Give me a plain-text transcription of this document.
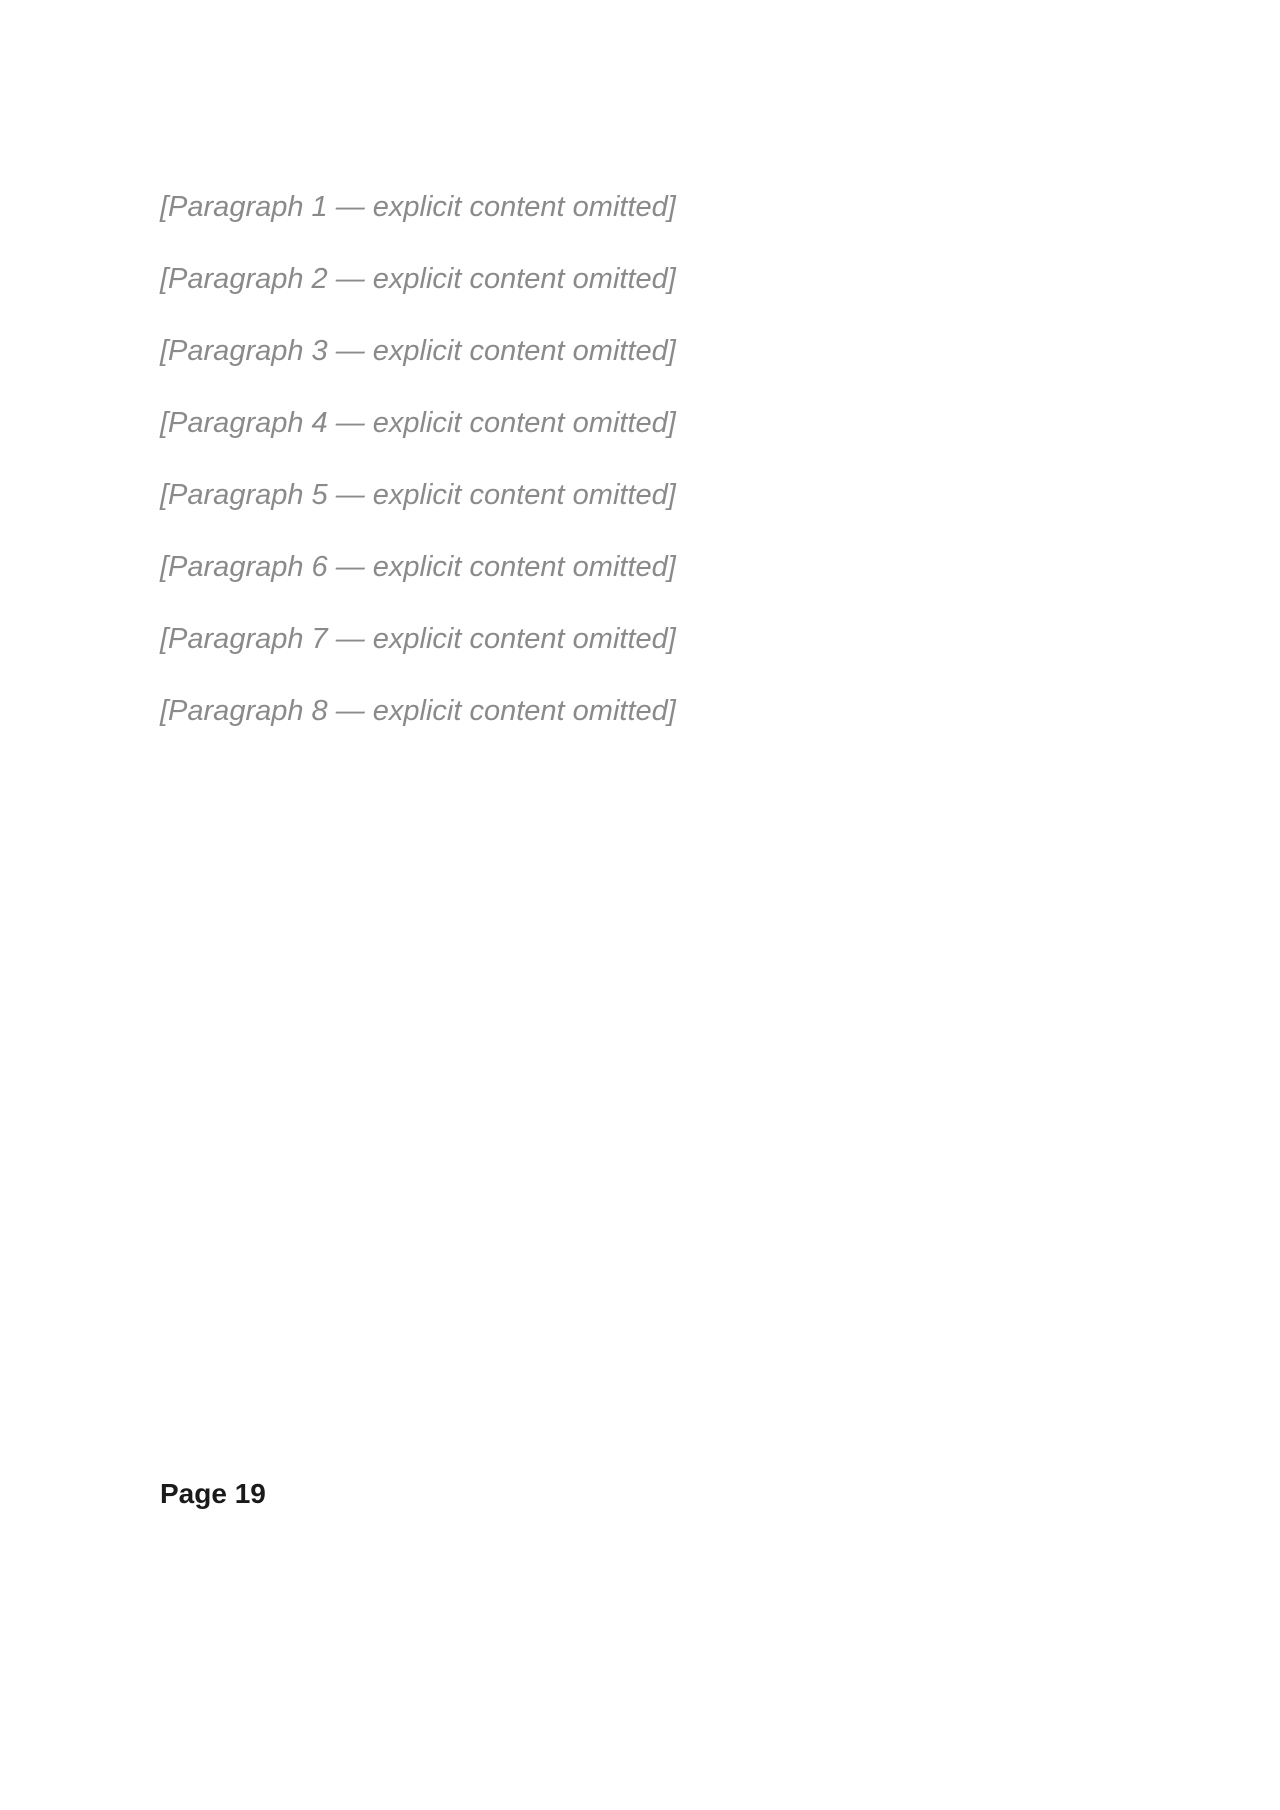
[Paragraph 1 — explicit content omitted]

[Paragraph 2 — explicit content omitted]

[Paragraph 3 — explicit content omitted]

[Paragraph 4 — explicit content omitted]

[Paragraph 5 — explicit content omitted]

[Paragraph 6 — explicit content omitted]

[Paragraph 7 — explicit content omitted]

[Paragraph 8 — explicit content omitted]

Page 19
